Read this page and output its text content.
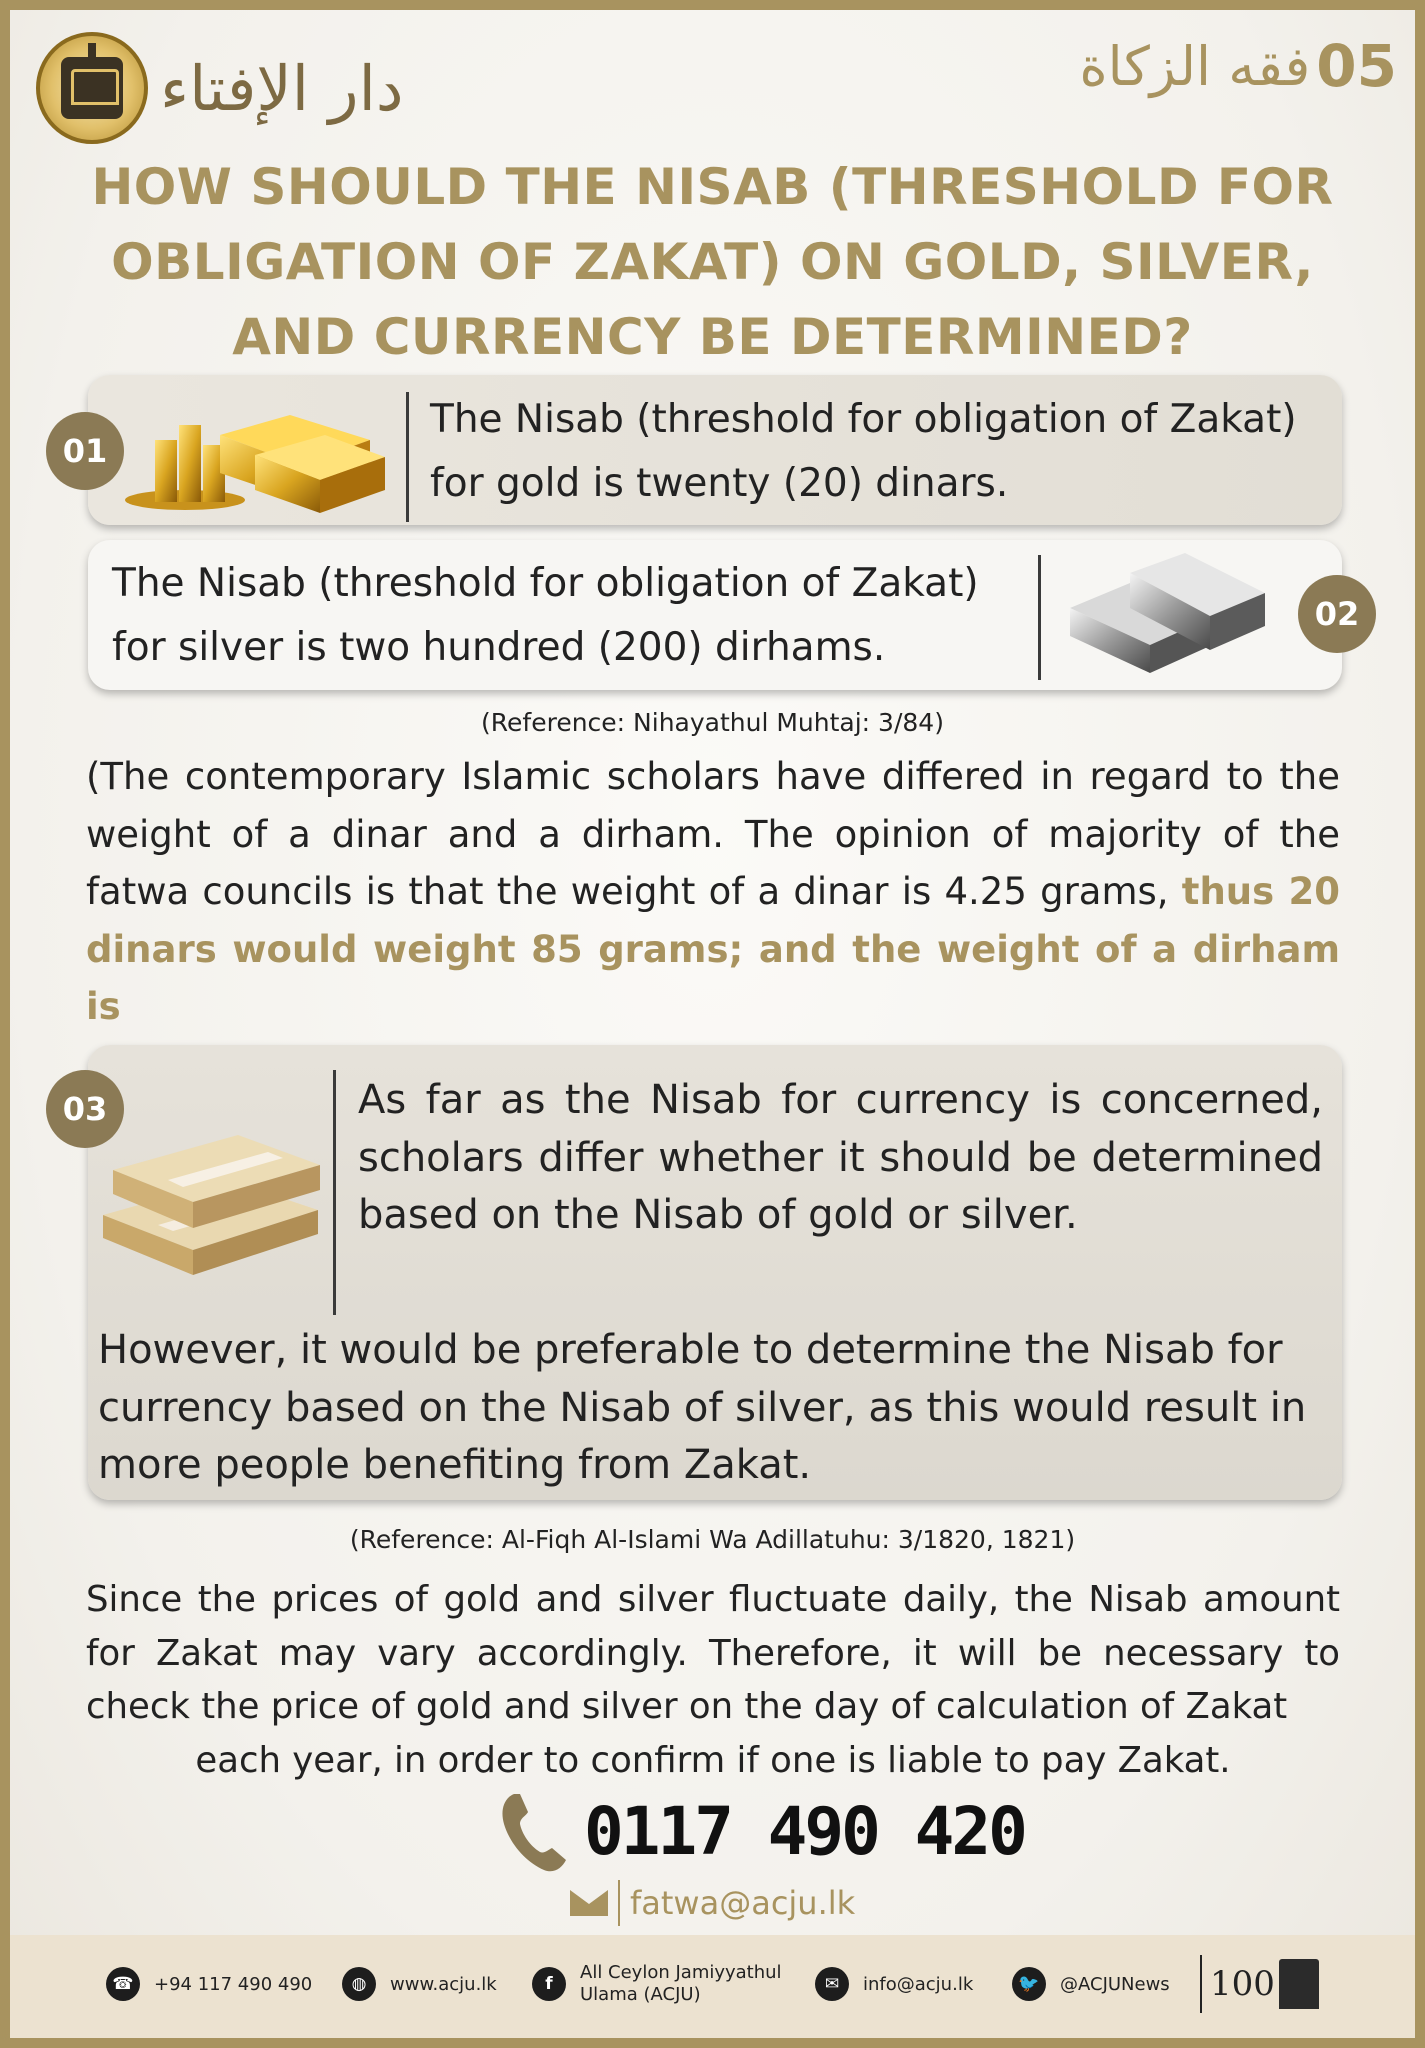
دار الإفتاء	فقه الزكاة 05
HOW SHOULD THE NISAB (THRESHOLD FOR OBLIGATION OF ZAKAT) ON GOLD, SILVER, AND CURRENCY BE DETERMINED?
01
The Nisab (threshold for obligation of Zakat) for gold is twenty (20) dinars.
02
The Nisab (threshold for obligation of Zakat) for silver is two hundred (200) dirhams.
(Reference: Nihayathul Muhtaj: 3/84)
(The contemporary Islamic scholars have differed in regard to the weight of a dinar and a dirham. The opinion of majority of the fatwa councils is that the weight of a dinar is 4.25 grams, thus 20 dinars would weight 85 grams; and the weight of a dirham is
03	As far as the Nisab for currency is concerned, scholars differ whether it should be determined based on the Nisab of gold or silver.
However, it would be preferable to determine the Nisab for currency based on the Nisab of silver, as this would result in more people benefiting from Zakat.
(Reference: Al-Fiqh Al-Islami Wa Adillatuhu: 3/1820, 1821)
Since the prices of gold and silver fluctuate daily, the Nisab amount for Zakat may vary accordingly. Therefore, it will be necessary to check the price of gold and silver on the day of calculation of Zakat
each year, in order to confirm if one is liable to pay Zakat.
0117 490 420
fatwa@acju.lk
☎	+94 117 490 490	◍	www.acju.lk	f
All Ceylon Jamiyyathul
Ulama (ACJU)	✉	info@acju.lk	🐦	@ACJUNews 100
